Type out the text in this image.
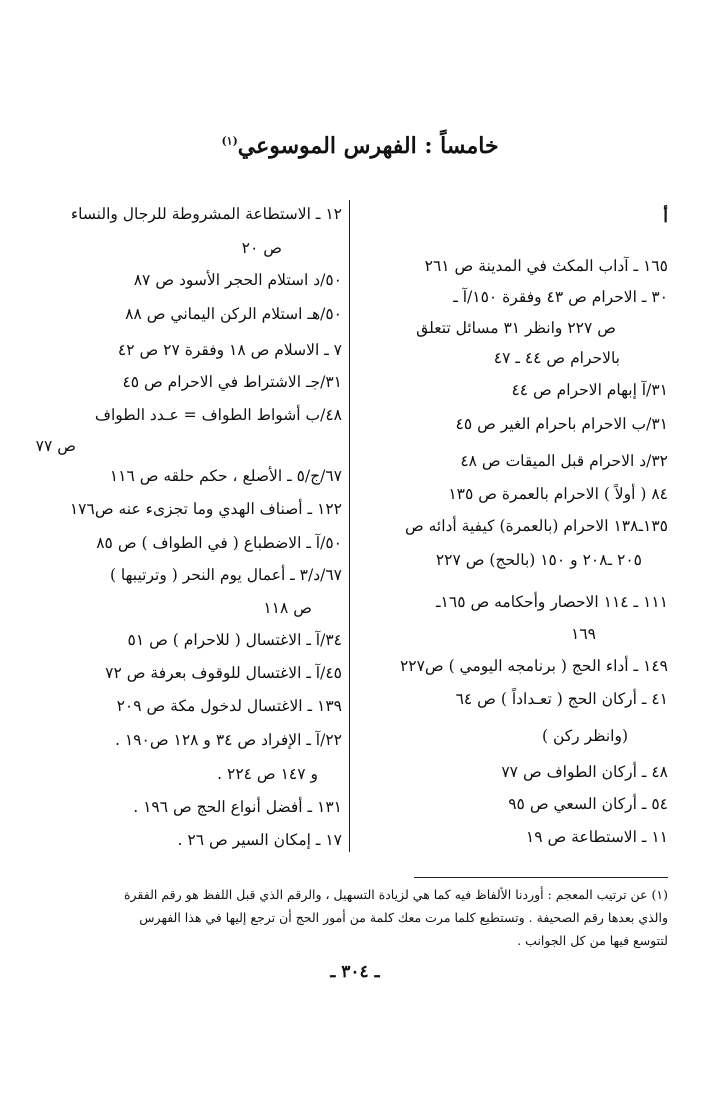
خامساً : الفهرس الموسوعي$^{(١)}$
أ
١٦٥ ـ آداب المكث في المدينة ص ٢٦١
٣٠ ـ الاحرام ص ٤٣ وفقرة ١٥٠/آ ـ
ص ٢٢٧ وانظر ٣١ مسائل تتعلق
بالاحرام ص ٤٤ ـ ٤٧
٣١/آ إبهام الاحرام ص ٤٤
٣١/ب الاحرام باحرام الغير ص ٤٥
٣٢/د الاحرام قبل الميقات ص ٤٨
٨٤ ( أولاً ) الاحرام بالعمرة ص ١٣٥
١٣٥ـ١٣٨ الاحرام (بالعمرة) كيفية أدائه ص
٢٠٥ ـ٢٠٨ و ١٥٠ (بالحج) ص ٢٢٧
١١١ ـ ١١٤ الاحصار وأحكامه ص ١٦٥ـ
١٦٩
١٤٩ ـ أداء الحج ( برنامجه اليومي ) ص٢٢٧
٤١ ـ أركان الحج ( تعـداداً ) ص ٦٤
(وانظر ركن )
٤٨ ـ أركان الطواف ص ٧٧
٥٤ ـ أركان السعي ص ٩٥
١١ ـ الاستطاعة ص ١٩
١٢ ـ الاستطاعة المشروطة للرجال والنساء
ص ٢٠
٥٠/د استلام الحجر الأسود ص ٨٧
٥٠/هـ استلام الركن اليماني ص ٨٨
٧ ـ الاسلام ص ١٨ وفقرة ٢٧ ص ٤٢
٣١/جـ الاشتراط في الاحرام ص ٤٥
٤٨/ب أشواط الطواف = عـدد الطواف
ص ٧٧
٦٧/ج/٥ ـ الأصلع ، حكم حلقه ص ١١٦
١٢٢ ـ أصناف الهدي وما تجزىء عنه ص١٧٦
٥٠/آ ـ الاضطباع ( في الطواف ) ص ٨٥
٦٧/د/٣ ـ أعمال يوم النحر ( وترتيبها )
ص ١١٨
٣٤/آ ـ الاغتسال ( للاحرام ) ص ٥١
٤٥/آ ـ الاغتسال للوقوف بعرفة ص ٧٢
١٣٩ ـ الاغتسال لدخول مكة ص ٢٠٩
٢٢/آ ـ الإفراد ص ٣٤ و ١٢٨ ص١٩٠ .
و ١٤٧ ص ٢٢٤ .
١٣١ ـ أفضل أنواع الحج ص ١٩٦ .
١٧ ـ إمكان السير ص ٢٦ .
(١) عن ترتيب المعجم : أوردنا الألفاظ فيه كما هي لزيادة التسهيل ، والرقم الذي قبل اللفظ هو رقم الفقرة
والذي بعدها رقم الصحيفة . وتستطيع كلما مرت معك كلمة من أمور الحج أن ترجع إليها في هذا الفهرس
لتتوسع فيها من كل الجوانب .
ـ ٣٠٤ ـ
